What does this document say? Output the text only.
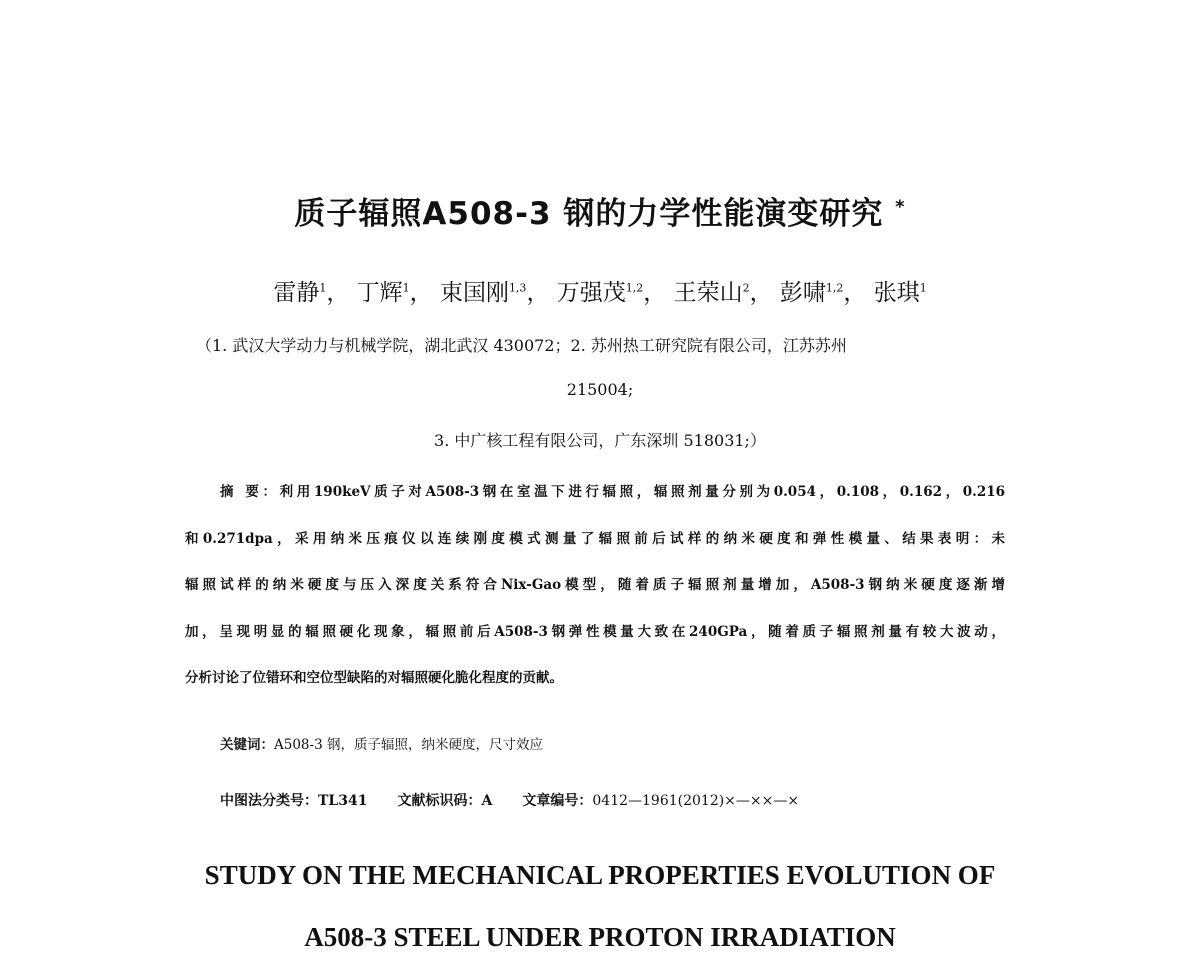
质子辐照A508-3 钢的力学性能演变研究 *
雷静$^1$， 丁辉$^1$， 束国刚$^{1,3}$， 万强茂$^{1,2}$， 王荣山$^2$， 彭啸$^{1,2}$， 张琪$^1$
（1. 武汉大学动力与机械学院，湖北武汉 430072；2. 苏州热工研究院有限公司，江苏苏州
215004;
3. 中广核工程有限公司，广东深圳 518031;）
摘 要：利用190keV质子对A508-3钢在室温下进行辐照，辐照剂量分别为0.054，0.108，0.162，0.216
和0.271dpa，采用纳米压痕仪以连续刚度模式测量了辐照前后试样的纳米硬度和弹性模量、结果表明：未
辐照试样的纳米硬度与压入深度关系符合Nix-Gao模型，随着质子辐照剂量增加，A508-3钢纳米硬度逐渐增
加，呈现明显的辐照硬化现象，辐照前后A508-3钢弹性模量大致在240GPa，随着质子辐照剂量有较大波动，
分析讨论了位错环和空位型缺陷的对辐照硬化脆化程度的贡献。
关键词：A508-3 钢，质子辐照，纳米硬度，尺寸效应
中图法分类号：TL341 文献标识码：A 文章编号：0412—1961(2012)×—××—×
STUDY ON THE MECHANICAL PROPERTIES EVOLUTION OF
A508-3 STEEL UNDER PROTON IRRADIATION
